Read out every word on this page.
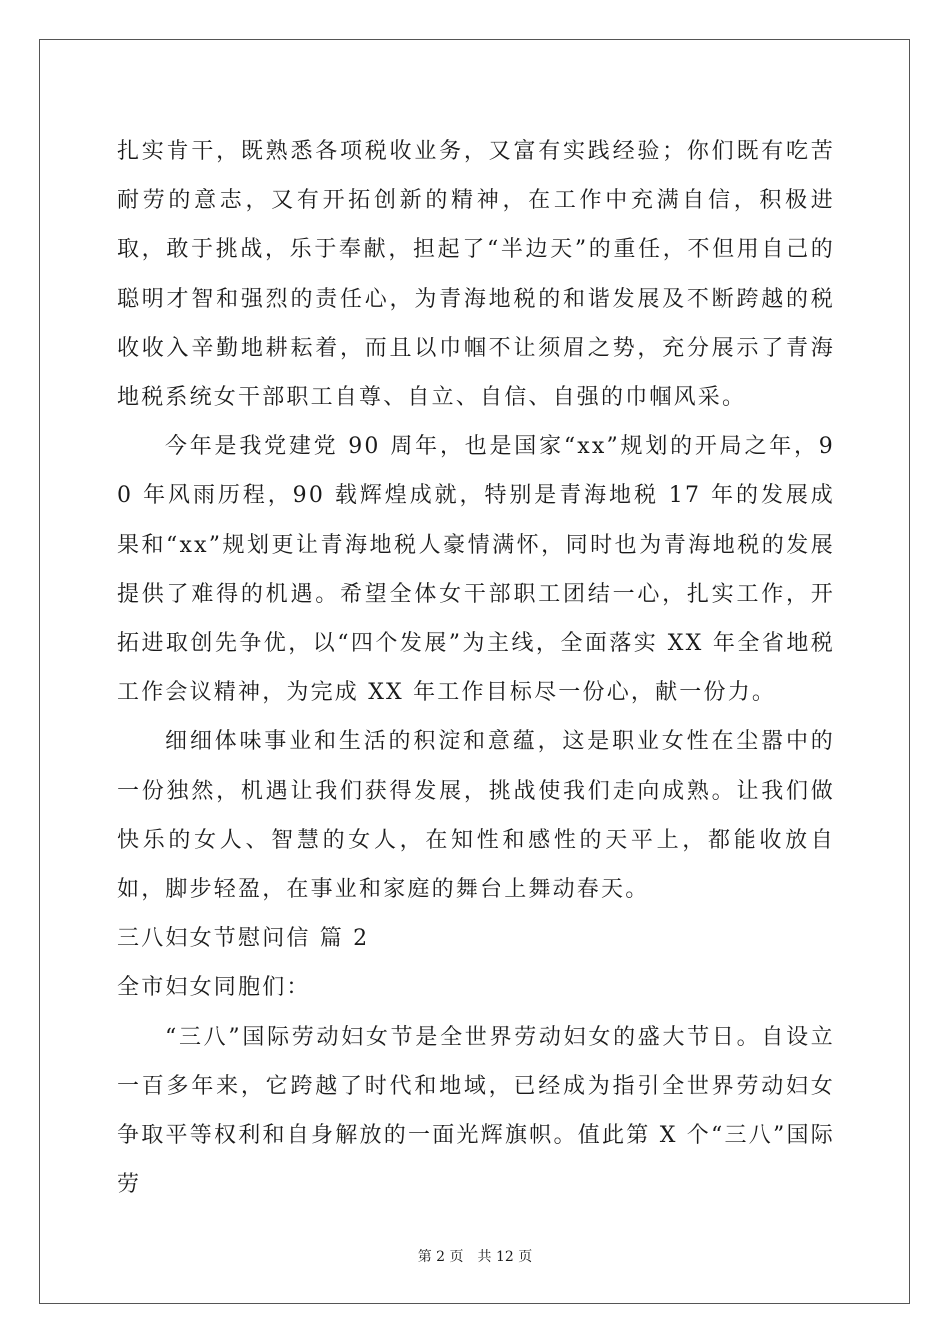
扎实肯干，既熟悉各项税收业务，又富有实践经验；你们既有吃苦耐劳的意志，又有开拓创新的精神，在工作中充满自信，积极进取，敢于挑战，乐于奉献，担起了“半边天”的重任，不但用自己的聪明才智和强烈的责任心，为青海地税的和谐发展及不断跨越的税收收入辛勤地耕耘着，而且以巾帼不让须眉之势，充分展示了青海地税系统女干部职工自尊、自立、自信、自强的巾帼风采。

今年是我党建党 90 周年，也是国家“xx”规划的开局之年，90 年风雨历程，90 载辉煌成就，特别是青海地税 17 年的发展成果和“xx”规划更让青海地税人豪情满怀，同时也为青海地税的发展提供了难得的机遇。希望全体女干部职工团结一心，扎实工作，开拓进取创先争优，以“四个发展”为主线，全面落实 XX 年全省地税工作会议精神，为完成 XX 年工作目标尽一份心，献一份力。

细细体味事业和生活的积淀和意蕴，这是职业女性在尘嚣中的一份独然，机遇让我们获得发展，挑战使我们走向成熟。让我们做快乐的女人、智慧的女人，在知性和感性的天平上，都能收放自如，脚步轻盈，在事业和家庭的舞台上舞动春天。

三八妇女节慰问信 篇 2

全市妇女同胞们：

“三八”国际劳动妇女节是全世界劳动妇女的盛大节日。自设立一百多年来，它跨越了时代和地域，已经成为指引全世界劳动妇女争取平等权利和自身解放的一面光辉旗帜。值此第 X 个“三八”国际劳

第 2 页 共 12 页
